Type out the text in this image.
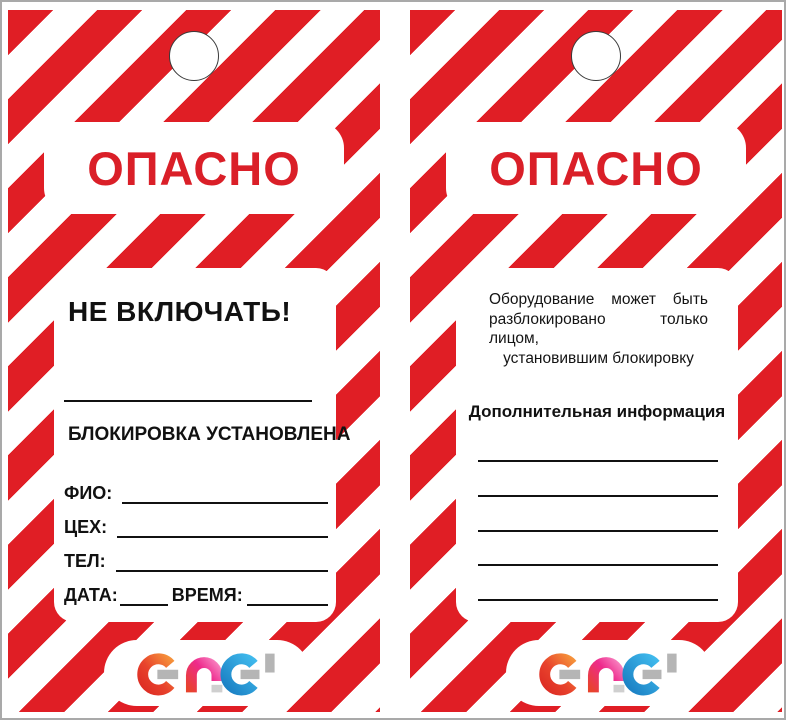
ОПАСНО
НЕ ВКЛЮЧАТЬ!
БЛОКИРОВКА УСТАНОВЛЕНА
ФИО:
ЦЕХ:
ТЕЛ:
ДАТА:	ВРЕМЯ:
ОПАСНО
Оборудование может быть
разблокировано только лицом,
установившим блокировку
Дополнительная информация
